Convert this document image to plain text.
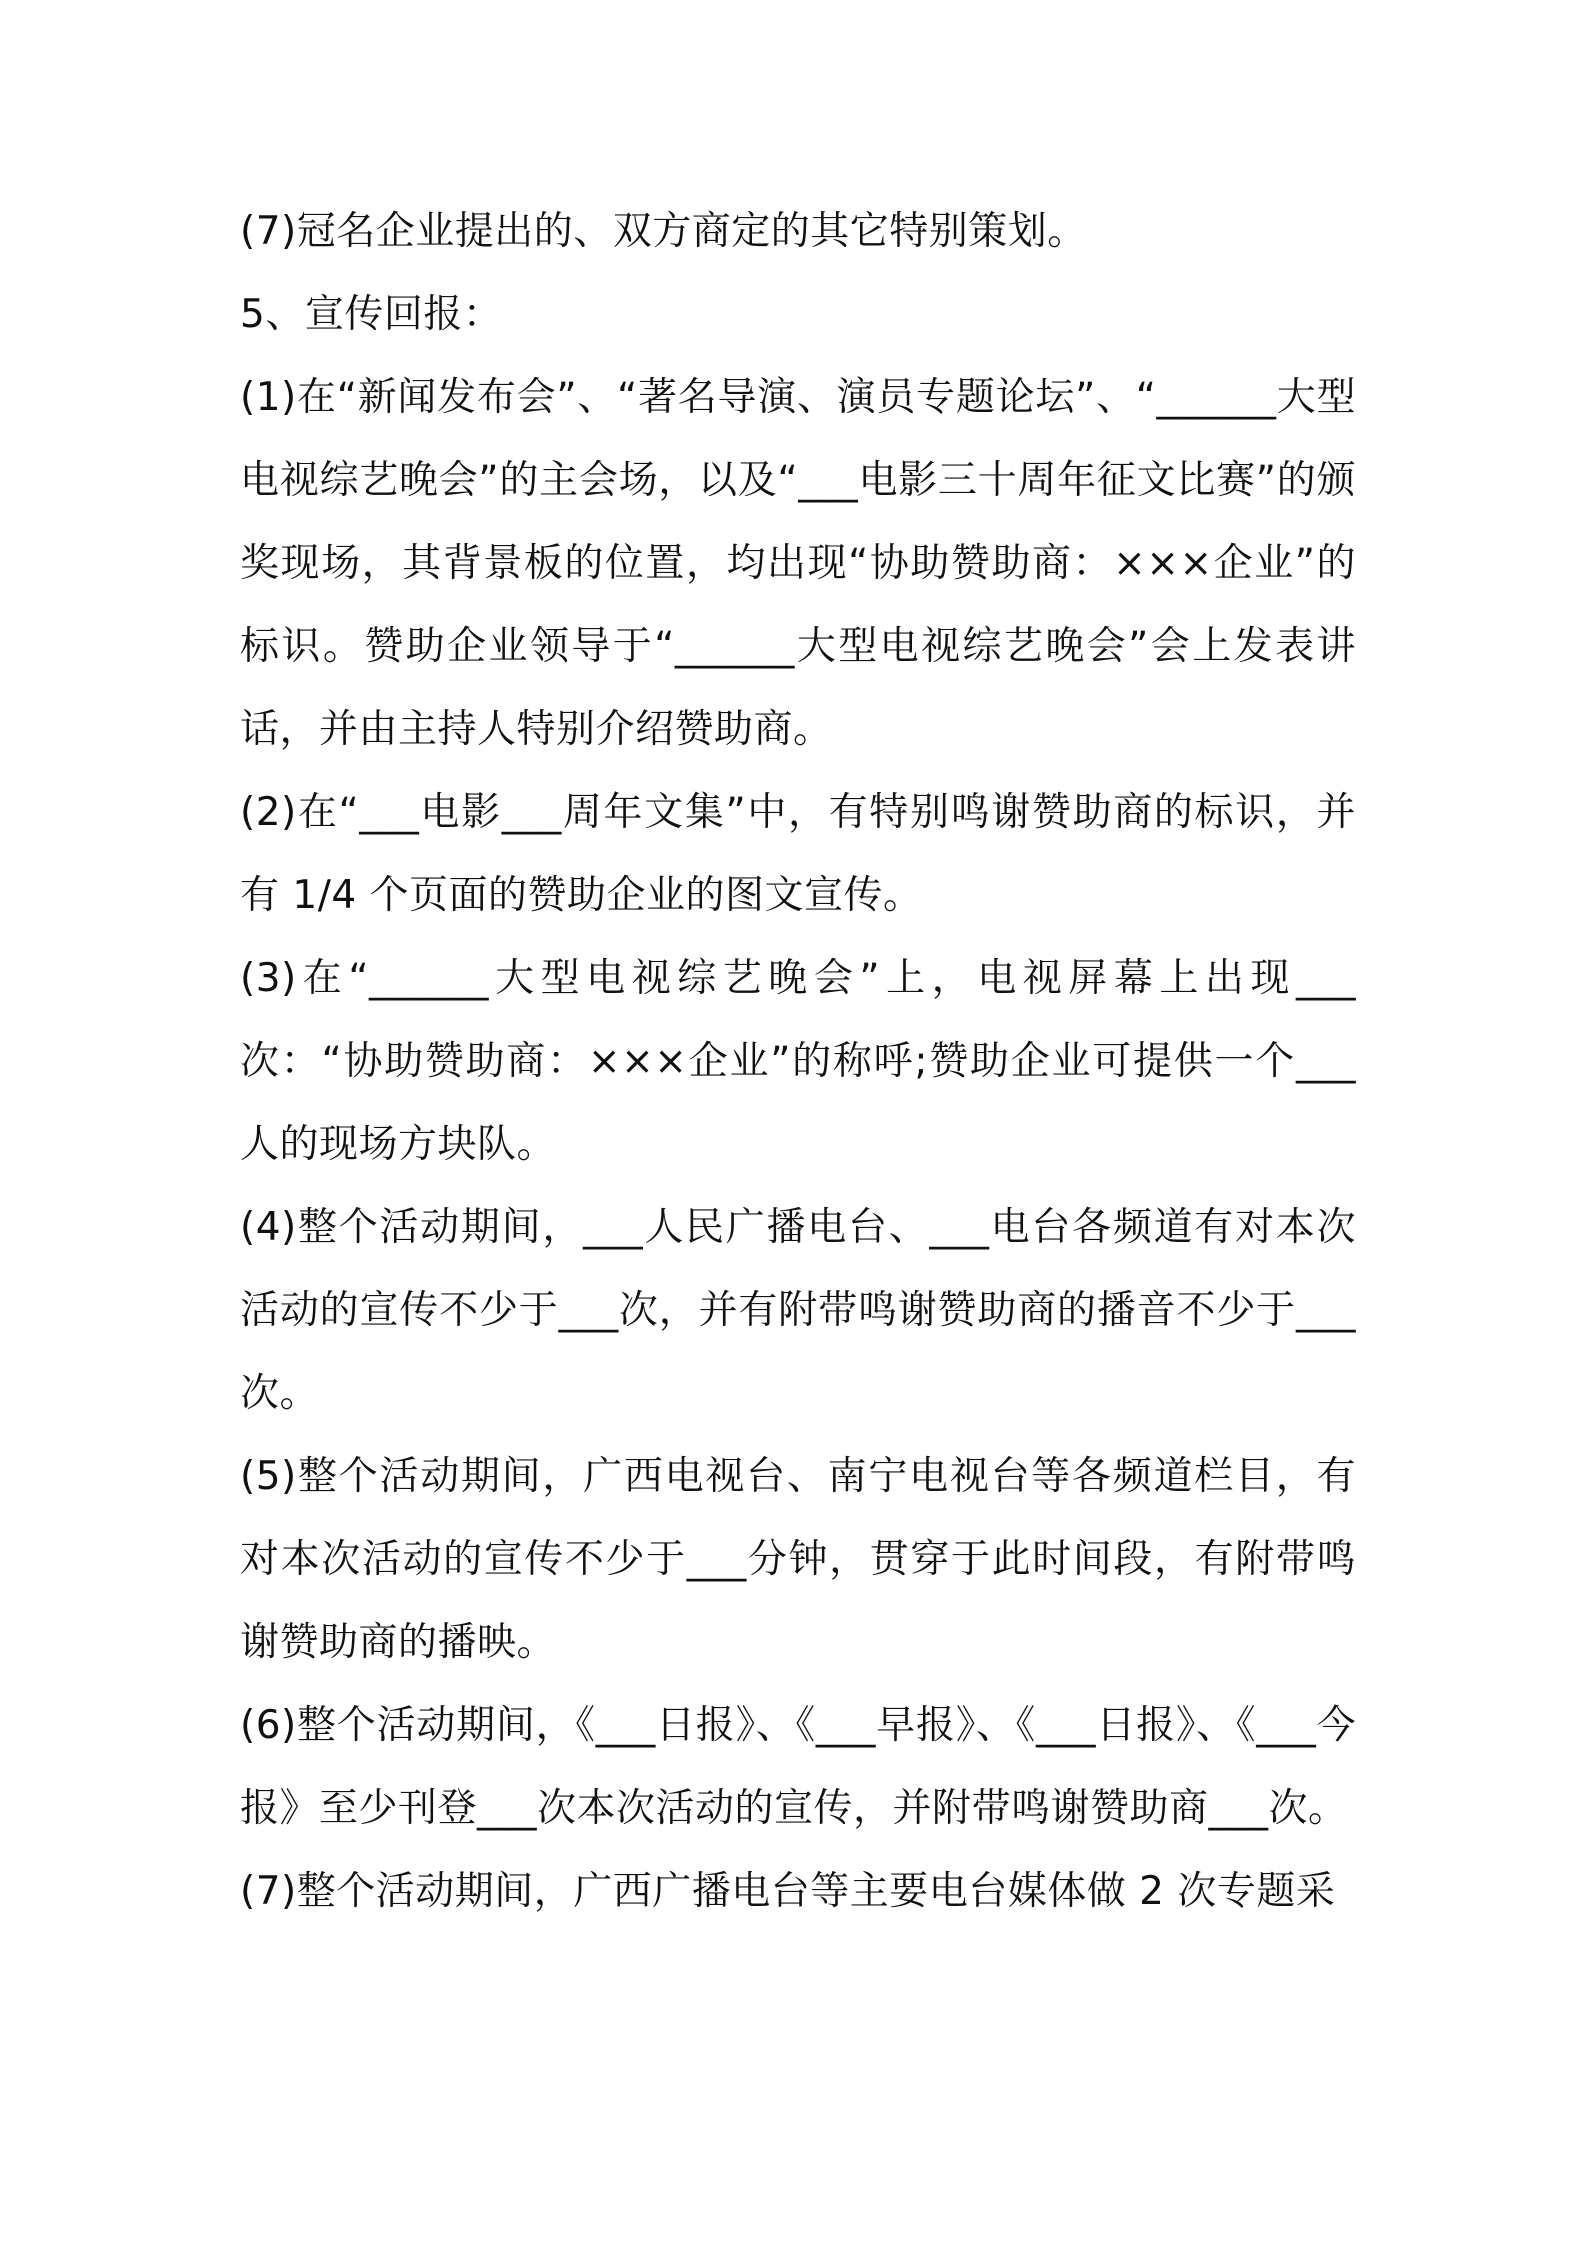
(7)冠名企业提出的、双方商定的其它特别策划。

5、宣传回报：

(1)在“新闻发布会”、“著名导演、演员专题论坛”、“______大型电视综艺晚会”的主会场，以及“___电影三十周年征文比赛”的颁奖现场，其背景板的位置，均出现“协助赞助商：×××企业”的标识。赞助企业领导于“______大型电视综艺晚会”会上发表讲话，并由主持人特别介绍赞助商。

(2)在“___电影___周年文集”中，有特别鸣谢赞助商的标识，并有 1/4 个页面的赞助企业的图文宣传。

(3)在“______大型电视综艺晚会”上，电视屏幕上出现___次：“协助赞助商：×××企业”的称呼;赞助企业可提供一个___人的现场方块队。

(4)整个活动期间，___人民广播电台、___电台各频道有对本次活动的宣传不少于___次，并有附带鸣谢赞助商的播音不少于___次。

(5)整个活动期间，广西电视台、南宁电视台等各频道栏目，有对本次活动的宣传不少于___分钟，贯穿于此时间段，有附带鸣谢赞助商的播映。

(6)整个活动期间，《___日报》、《___早报》、《___日报》、《___今报》至少刊登___次本次活动的宣传，并附带鸣谢赞助商___次。

(7)整个活动期间，广西广播电台等主要电台媒体做 2 次专题采
